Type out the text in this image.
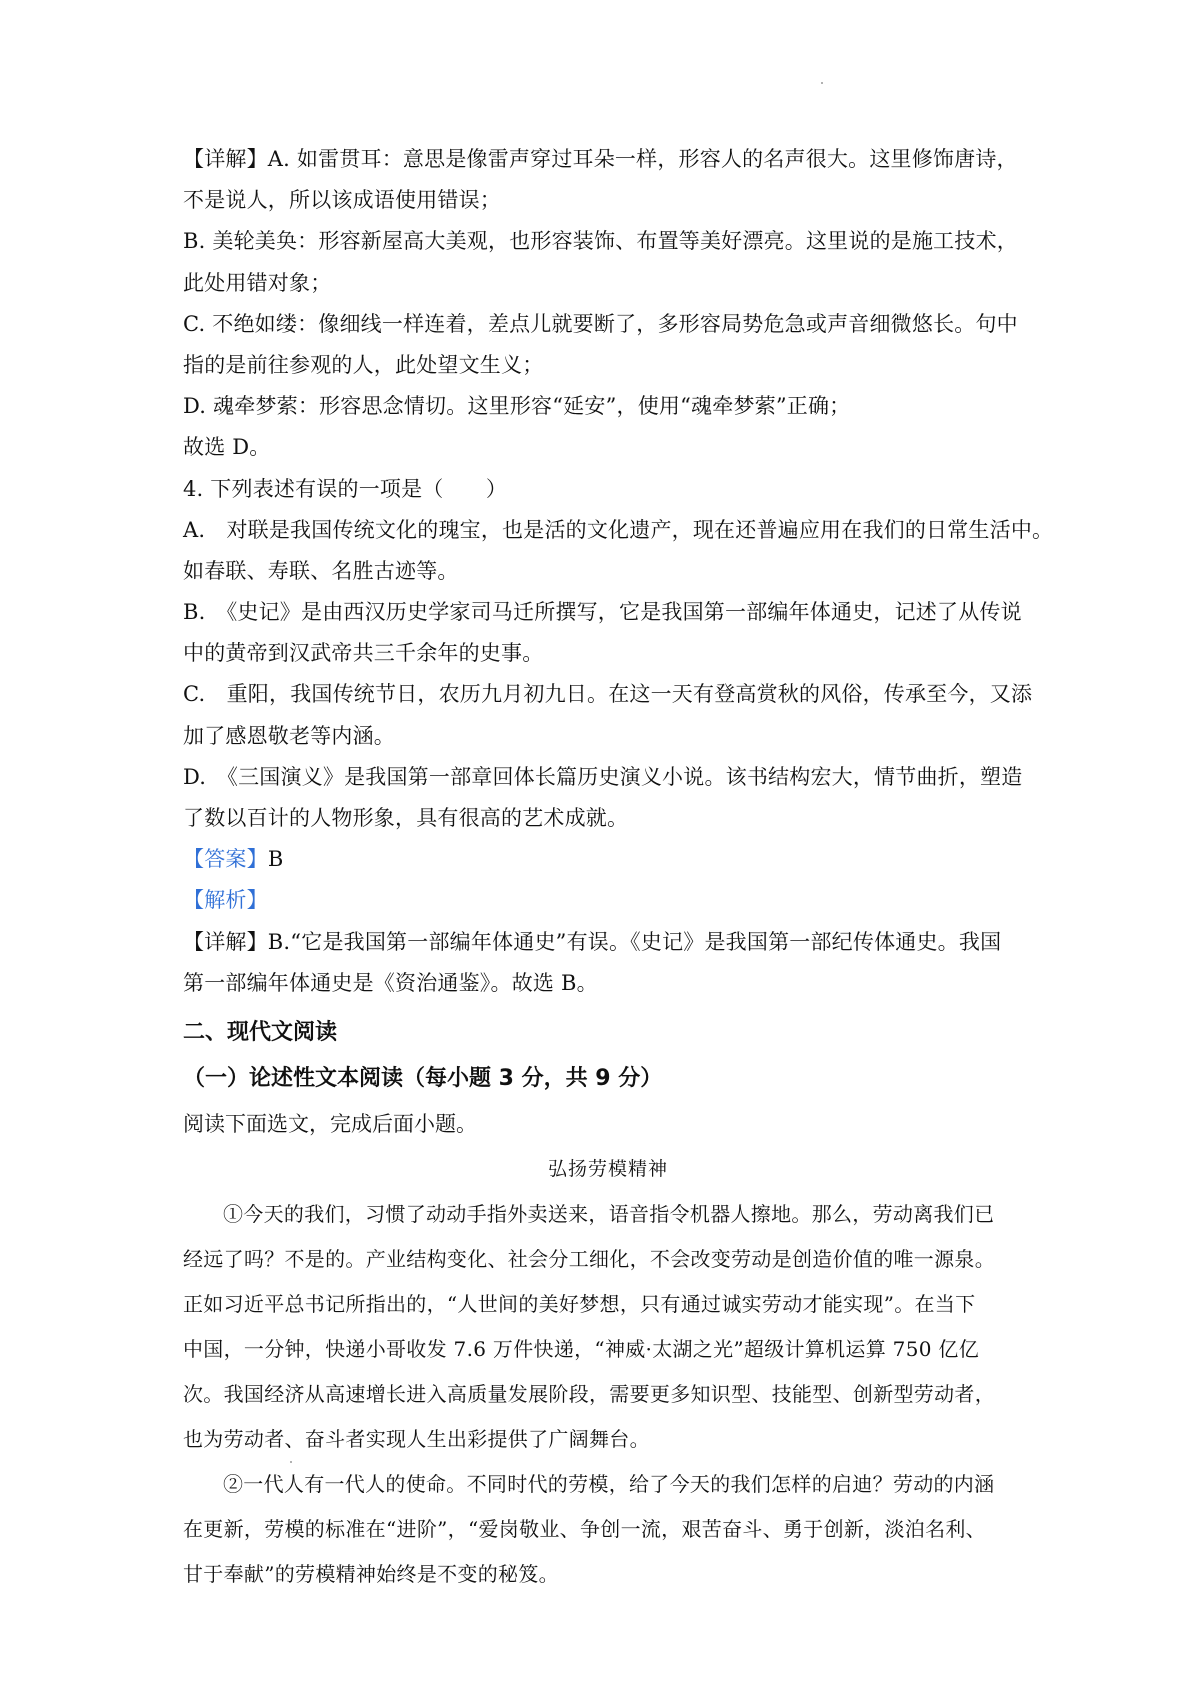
【详解】A. 如雷贯耳：意思是像雷声穿过耳朵一样，形容人的名声很大。这里修饰唐诗，
不是说人，所以该成语使用错误；
B. 美轮美奂：形容新屋高大美观，也形容装饰、布置等美好漂亮。这里说的是施工技术，
此处用错对象；
C. 不绝如缕：像细线一样连着，差点儿就要断了，多形容局势危急或声音细微悠长。句中
指的是前往参观的人，此处望文生义；
D. 魂牵梦萦：形容思念情切。这里形容“延安”，使用“魂牵梦萦”正确；
故选 D。
4. 下列表述有误的一项是（　　）
A.　对联是我国传统文化的瑰宝，也是活的文化遗产，现在还普遍应用在我们的日常生活中。
如春联、寿联、名胜古迹等。
B.　《史记》是由西汉历史学家司马迁所撰写，它是我国第一部编年体通史，记述了从传说
中的黄帝到汉武帝共三千余年的史事。
C.　重阳，我国传统节日，农历九月初九日。在这一天有登高赏秋的风俗，传承至今，又添
加了感恩敬老等内涵。
D.　《三国演义》是我国第一部章回体长篇历史演义小说。该书结构宏大，情节曲折，塑造
了数以百计的人物形象，具有很高的艺术成就。
【答案】B
【解析】
【详解】B.“它是我国第一部编年体通史”有误。《史记》是我国第一部纪传体通史。我国
第一部编年体通史是《资治通鉴》。故选 B。
二、现代文阅读
（一）论述性文本阅读（每小题 3 分，共 9 分）
阅读下面选文，完成后面小题。
弘扬劳模精神
①今天的我们，习惯了动动手指外卖送来，语音指令机器人擦地。那么，劳动离我们已
经远了吗？不是的。产业结构变化、社会分工细化，不会改变劳动是创造价值的唯一源泉。
正如习近平总书记所指出的，“人世间的美好梦想，只有通过诚实劳动才能实现”。在当下
中国，一分钟，快递小哥收发 7.6 万件快递，“神威·太湖之光”超级计算机运算 750 亿亿
次。我国经济从高速增长进入高质量发展阶段，需要更多知识型、技能型、创新型劳动者，
也为劳动者、奋斗者实现人生出彩提供了广阔舞台。
②一代人有一代人的使命。不同时代的劳模，给了今天的我们怎样的启迪？劳动的内涵
在更新，劳模的标准在“进阶”，“爱岗敬业、争创一流，艰苦奋斗、勇于创新，淡泊名利、
甘于奉献”的劳模精神始终是不变的秘笈。
